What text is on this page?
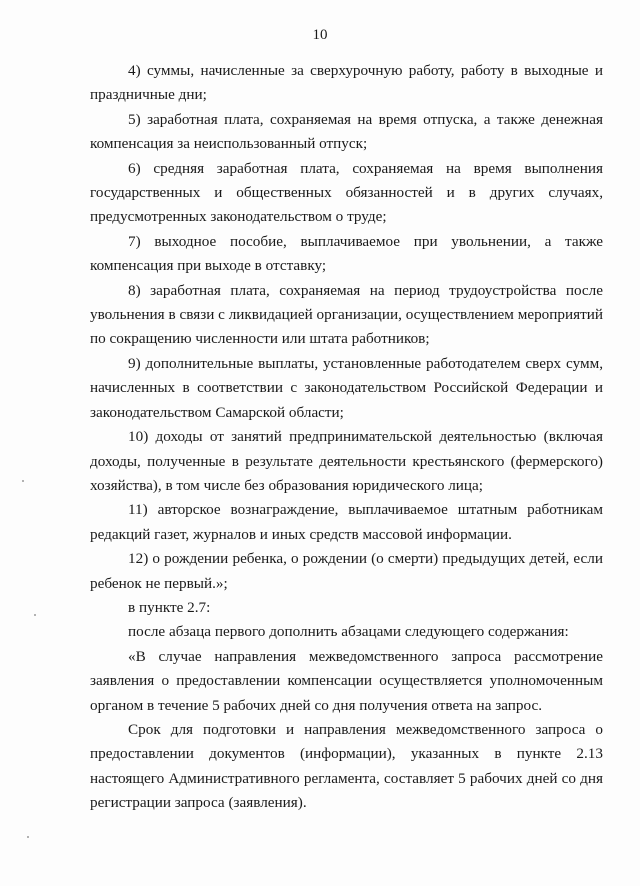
10

4) суммы, начисленные за сверхурочную работу, работу в выходные и праздничные дни;

5) заработная плата, сохраняемая на время отпуска, а также денежная компенсация за неиспользованный отпуск;

6) средняя заработная плата, сохраняемая на время выполнения государственных и общественных обязанностей и в других случаях, предусмотренных законодательством о труде;

7) выходное пособие, выплачиваемое при увольнении, а также компенсация при выходе в отставку;

8) заработная плата, сохраняемая на период трудоустройства после увольнения в связи с ликвидацией организации, осуществлением мероприятий по сокращению численности или штата работников;

9) дополнительные выплаты, установленные работодателем сверх сумм, начисленных в соответствии с законодательством Российской Федерации и законодательством Самарской области;

10) доходы от занятий предпринимательской деятельностью (включая доходы, полученные в результате деятельности крестьянского (фермерского) хозяйства), в том числе без образования юридического лица;

11) авторское вознаграждение, выплачиваемое штатным работникам редакций газет, журналов и иных средств массовой информации.

12) о рождении ребенка, о рождении (о смерти) предыдущих детей, если ребенок не первый.»;

в пункте 2.7:

после абзаца первого дополнить абзацами следующего содержания:

«В случае направления межведомственного запроса рассмотрение заявления о предоставлении компенсации осуществляется уполномоченным органом в течение 5 рабочих дней со дня получения ответа на запрос.

Срок для подготовки и направления межведомственного запроса о предоставлении документов (информации), указанных в пункте 2.13 настоящего Административного регламента, составляет 5 рабочих дней со дня регистрации запроса (заявления).
